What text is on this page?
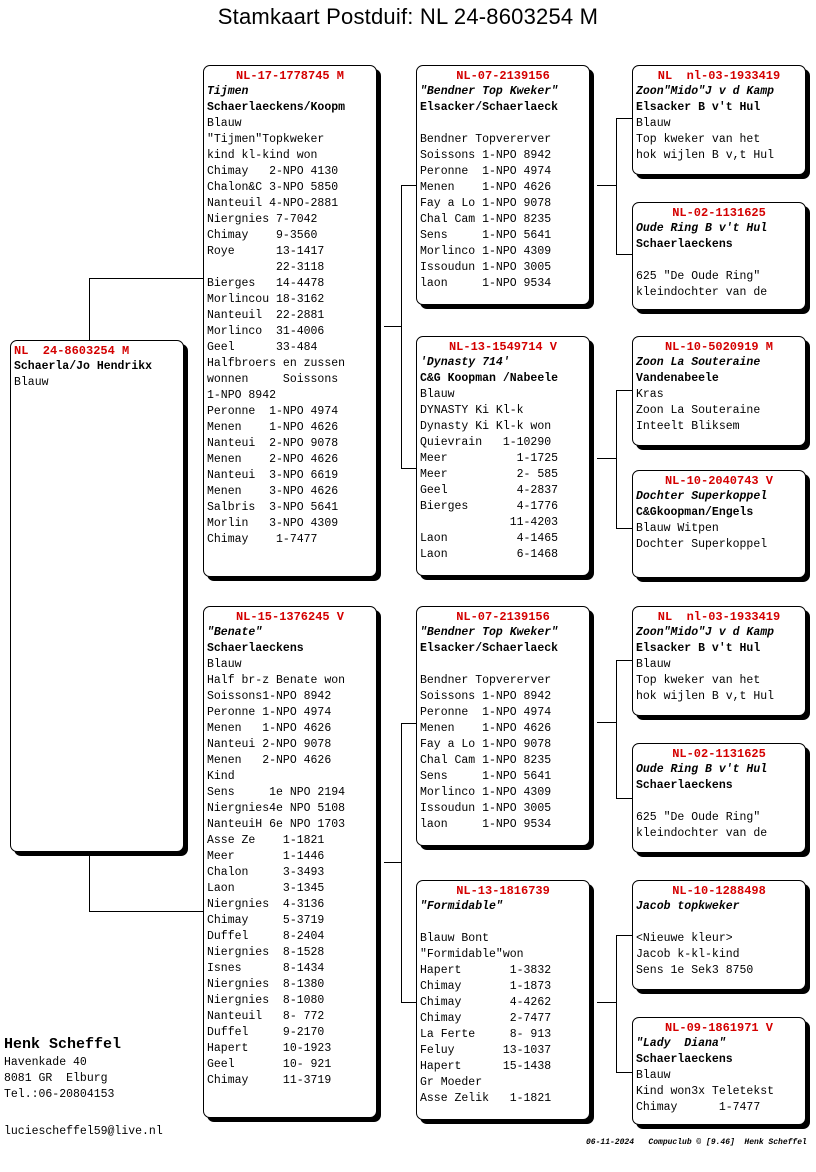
Stamkaart Postduif: NL 24-8603254 M
NL  24-8603254 M
Schaerla/Jo Hendrikx
Blauw
NL-17-1778745 M
Tijmen
Schaerlaeckens/Koopm
Blauw
"Tijmen"Topkweker
kind kl-kind won
Chimay   2-NPO 4130
Chalon&C 3-NPO 5850
Nanteuil 4-NPO-2881
Niergnies 7-7042
Chimay    9-3560
Roye      13-1417
22-3118
Bierges   14-4478
Morlincou 18-3162
Nanteuil  22-2881
Morlinco  31-4006
Geel      33-484
Halfbroers en zussen
wonnen     Soissons
1-NPO 8942
Peronne  1-NPO 4974
Menen    1-NPO 4626
Nanteui  2-NPO 9078
Menen    2-NPO 4626
Nanteui  3-NPO 6619
Menen    3-NPO 4626
Salbris  3-NPO 5641
Morlin   3-NPO 4309
Chimay    1-7477
NL-15-1376245 V
"Benate"
Schaerlaeckens
Blauw
Half br-z Benate won
Soissons1-NPO 8942
Peronne 1-NPO 4974
Menen   1-NPO 4626
Nanteui 2-NPO 9078
Menen   2-NPO 4626
Kind
Sens     1e NPO 2194
Niergnies4e NPO 5108
NanteuiH 6e NPO 1703
Asse Ze    1-1821
Meer       1-1446
Chalon     3-3493
Laon       3-1345
Niergnies  4-3136
Chimay     5-3719
Duffel     8-2404
Niergnies  8-1528
Isnes      8-1434
Niergnies  8-1380
Niergnies  8-1080
Nanteuil   8- 772
Duffel     9-2170
Hapert     10-1923
Geel       10- 921
Chimay     11-3719
NL-07-2139156
"Bendner Top Kweker"
Elsacker/Schaerlaeck
Bendner Topvererver
Soissons 1-NPO 8942
Peronne  1-NPO 4974
Menen    1-NPO 4626
Fay a Lo 1-NPO 9078
Chal Cam 1-NPO 8235
Sens     1-NPO 5641
Morlinco 1-NPO 4309
Issoudun 1-NPO 3005
laon     1-NPO 9534
NL-13-1549714 V
'Dynasty 714'
C&G Koopman /Nabeele
Blauw
DYNASTY Ki Kl-k
Dynasty Ki Kl-k won
Quievrain   1-10290
Meer          1-1725
Meer          2- 585
Geel          4-2837
Bierges       4-1776
11-4203
Laon          4-1465
Laon          6-1468
NL-07-2139156
"Bendner Top Kweker"
Elsacker/Schaerlaeck
Bendner Topvererver
Soissons 1-NPO 8942
Peronne  1-NPO 4974
Menen    1-NPO 4626
Fay a Lo 1-NPO 9078
Chal Cam 1-NPO 8235
Sens     1-NPO 5641
Morlinco 1-NPO 4309
Issoudun 1-NPO 3005
laon     1-NPO 9534
NL-13-1816739
"Formidable"
Blauw Bont
"Formidable"won
Hapert       1-3832
Chimay       1-1873
Chimay       4-4262
Chimay       2-7477
La Ferte     8- 913
Feluy       13-1037
Hapert      15-1438
Gr Moeder
Asse Zelik   1-1821
NL  nl-03-1933419
Zoon"Mido"J v d Kamp
Elsacker B v't Hul
Blauw
Top kweker van het
hok wijlen B v,t Hul
NL-02-1131625
Oude Ring B v't Hul
Schaerlaeckens
625 "De Oude Ring"
kleindochter van de
NL-10-5020919 M
Zoon La Souteraine
Vandenabeele
Kras
Zoon La Souteraine
Inteelt Bliksem
NL-10-2040743 V
Dochter Superkoppel
C&Gkoopman/Engels
Blauw Witpen
Dochter Superkoppel
NL  nl-03-1933419
Zoon"Mido"J v d Kamp
Elsacker B v't Hul
Blauw
Top kweker van het
hok wijlen B v,t Hul
NL-02-1131625
Oude Ring B v't Hul
Schaerlaeckens
625 "De Oude Ring"
kleindochter van de
NL-10-1288498
Jacob topkweker
<Nieuwe kleur>
Jacob k-kl-kind
Sens 1e Sek3 8750
NL-09-1861971 V
"Lady  Diana"
Schaerlaeckens
Blauw
Kind won3x Teletekst
Chimay      1-7477
Henk Scheffel
Havenkade 40
8081 GR  Elburg
Tel.:06-20804153
luciescheffel59@live.nl
06-11-2024   Compuclub © [9.46]  Henk Scheffel
